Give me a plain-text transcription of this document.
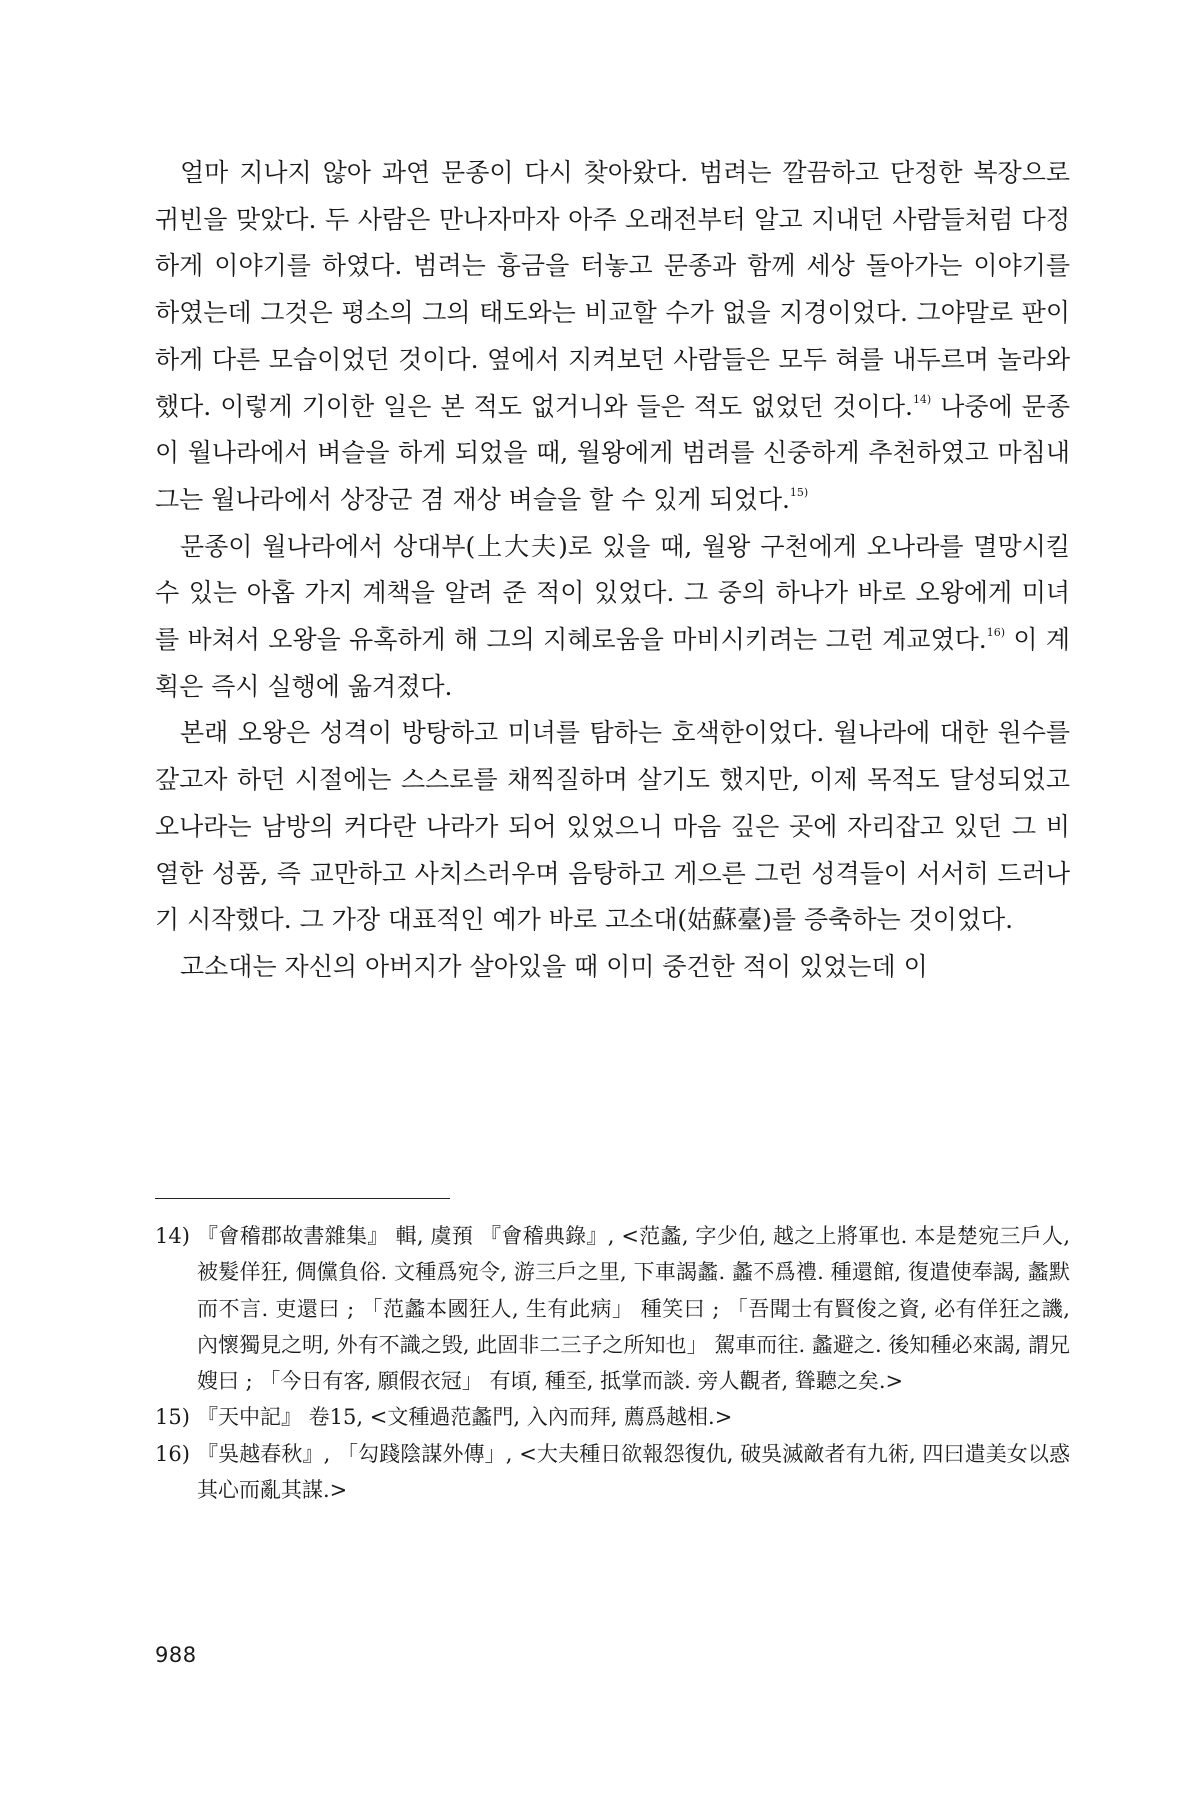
얼마 지나지 않아 과연 문종이 다시 찾아왔다. 범려는 깔끔하고 단정한 복장으로 귀빈을 맞았다. 두 사람은 만나자마자 아주 오래전부터 알고 지내던 사람들처럼 다정하게 이야기를 하였다. 범려는 흉금을 터놓고 문종과 함께 세상 돌아가는 이야기를 하였는데 그것은 평소의 그의 태도와는 비교할 수가 없을 지경이었다. 그야말로 판이하게 다른 모습이었던 것이다. 옆에서 지켜보던 사람들은 모두 혀를 내두르며 놀라와했다. 이렇게 기이한 일은 본 적도 없거니와 들은 적도 없었던 것이다.$^{14)}$ 나중에 문종이 월나라에서 벼슬을 하게 되었을 때, 월왕에게 범려를 신중하게 추천하였고 마침내 그는 월나라에서 상장군 겸 재상 벼슬을 할 수 있게 되었다.$^{15)}$

문종이 월나라에서 상대부(上大夫)로 있을 때, 월왕 구천에게 오나라를 멸망시킬 수 있는 아홉 가지 계책을 알려 준 적이 있었다. 그 중의 하나가 바로 오왕에게 미녀를 바쳐서 오왕을 유혹하게 해 그의 지혜로움을 마비시키려는 그런 계교였다.$^{16)}$ 이 계획은 즉시 실행에 옮겨졌다.

본래 오왕은 성격이 방탕하고 미녀를 탐하는 호색한이었다. 월나라에 대한 원수를 갚고자 하던 시절에는 스스로를 채찍질하며 살기도 했지만, 이제 목적도 달성되었고 오나라는 남방의 커다란 나라가 되어 있었으니 마음 깊은 곳에 자리잡고 있던 그 비열한 성품, 즉 교만하고 사치스러우며 음탕하고 게으른 그런 성격들이 서서히 드러나기 시작했다. 그 가장 대표적인 예가 바로 고소대(姑蘇臺)를 증축하는 것이었다.

고소대는 자신의 아버지가 살아있을 때 이미 중건한 적이 있었는데 이

14) 『會稽郡故書雜集』 輯, 虞預 『會稽典錄』, <范蠡, 字少伯, 越之上將軍也. 本是楚宛三戶人, 被髮佯狂, 倜儻負俗. 文種爲宛令, 游三戶之里, 下車謁蠡. 蠡不爲禮. 種還館, 復遣使奉謁, 蠡默而不言. 吏還曰 ; 「范蠡本國狂人, 生有此病」 種笑曰 ; 「吾聞士有賢俊之資, 必有佯狂之譏, 內懷獨見之明, 外有不識之毁, 此固非二三子之所知也」 駕車而往. 蠡避之. 後知種必來謁, 謂兄嫂曰 ; 「今日有客, 願假衣冠」 有頃, 種至, 抵掌而談. 旁人觀者, 聳聽之矣.>
15) 『天中記』 卷15, <文種過范蠡門, 入內而拜, 薦爲越相.>
16) 『吳越春秋』, 「勾踐陰謀外傳」, <大夫種日欲報怨復仇, 破吳滅敵者有九術, 四曰遣美女以惑其心而亂其謀.>
988
